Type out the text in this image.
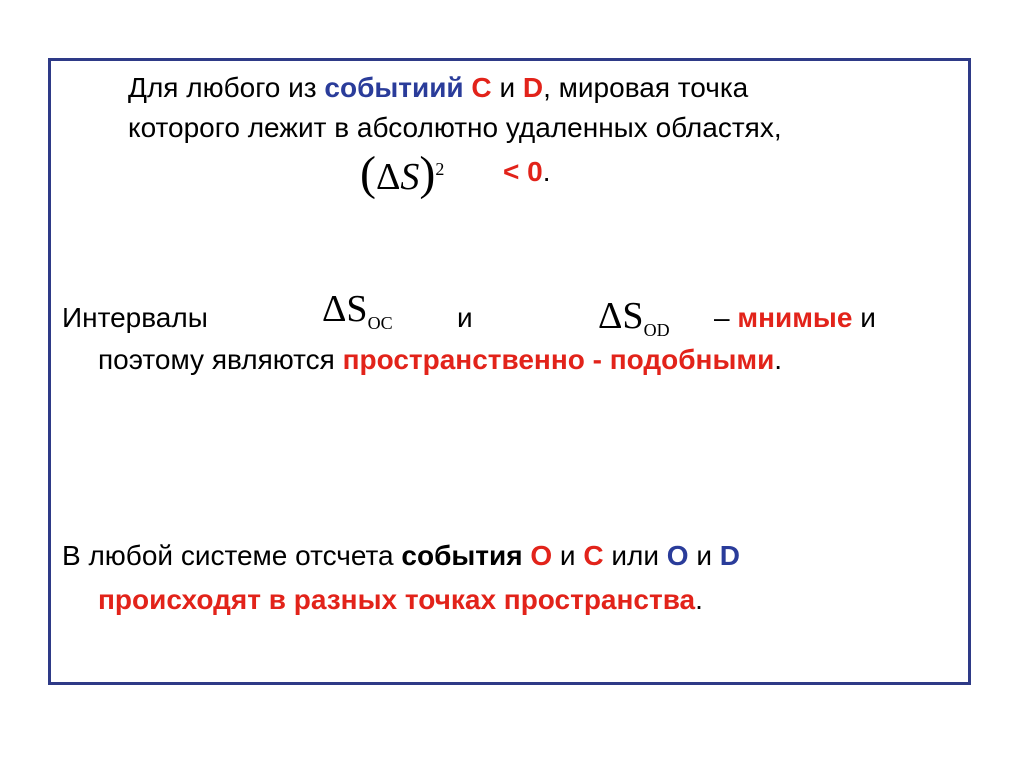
Для любого из событиий C и D, мировая точка
которого лежит в абсолютно удаленных областях,
(ΔS)2 < 0.
Интервалы	$\Delta S_{OC}$ и	$\Delta S_{OD}$ – мнимые и
поэтому являются пространственно - подобными.
В любой системе отсчета события O и C или O и D
происходят в разных точках пространства.
